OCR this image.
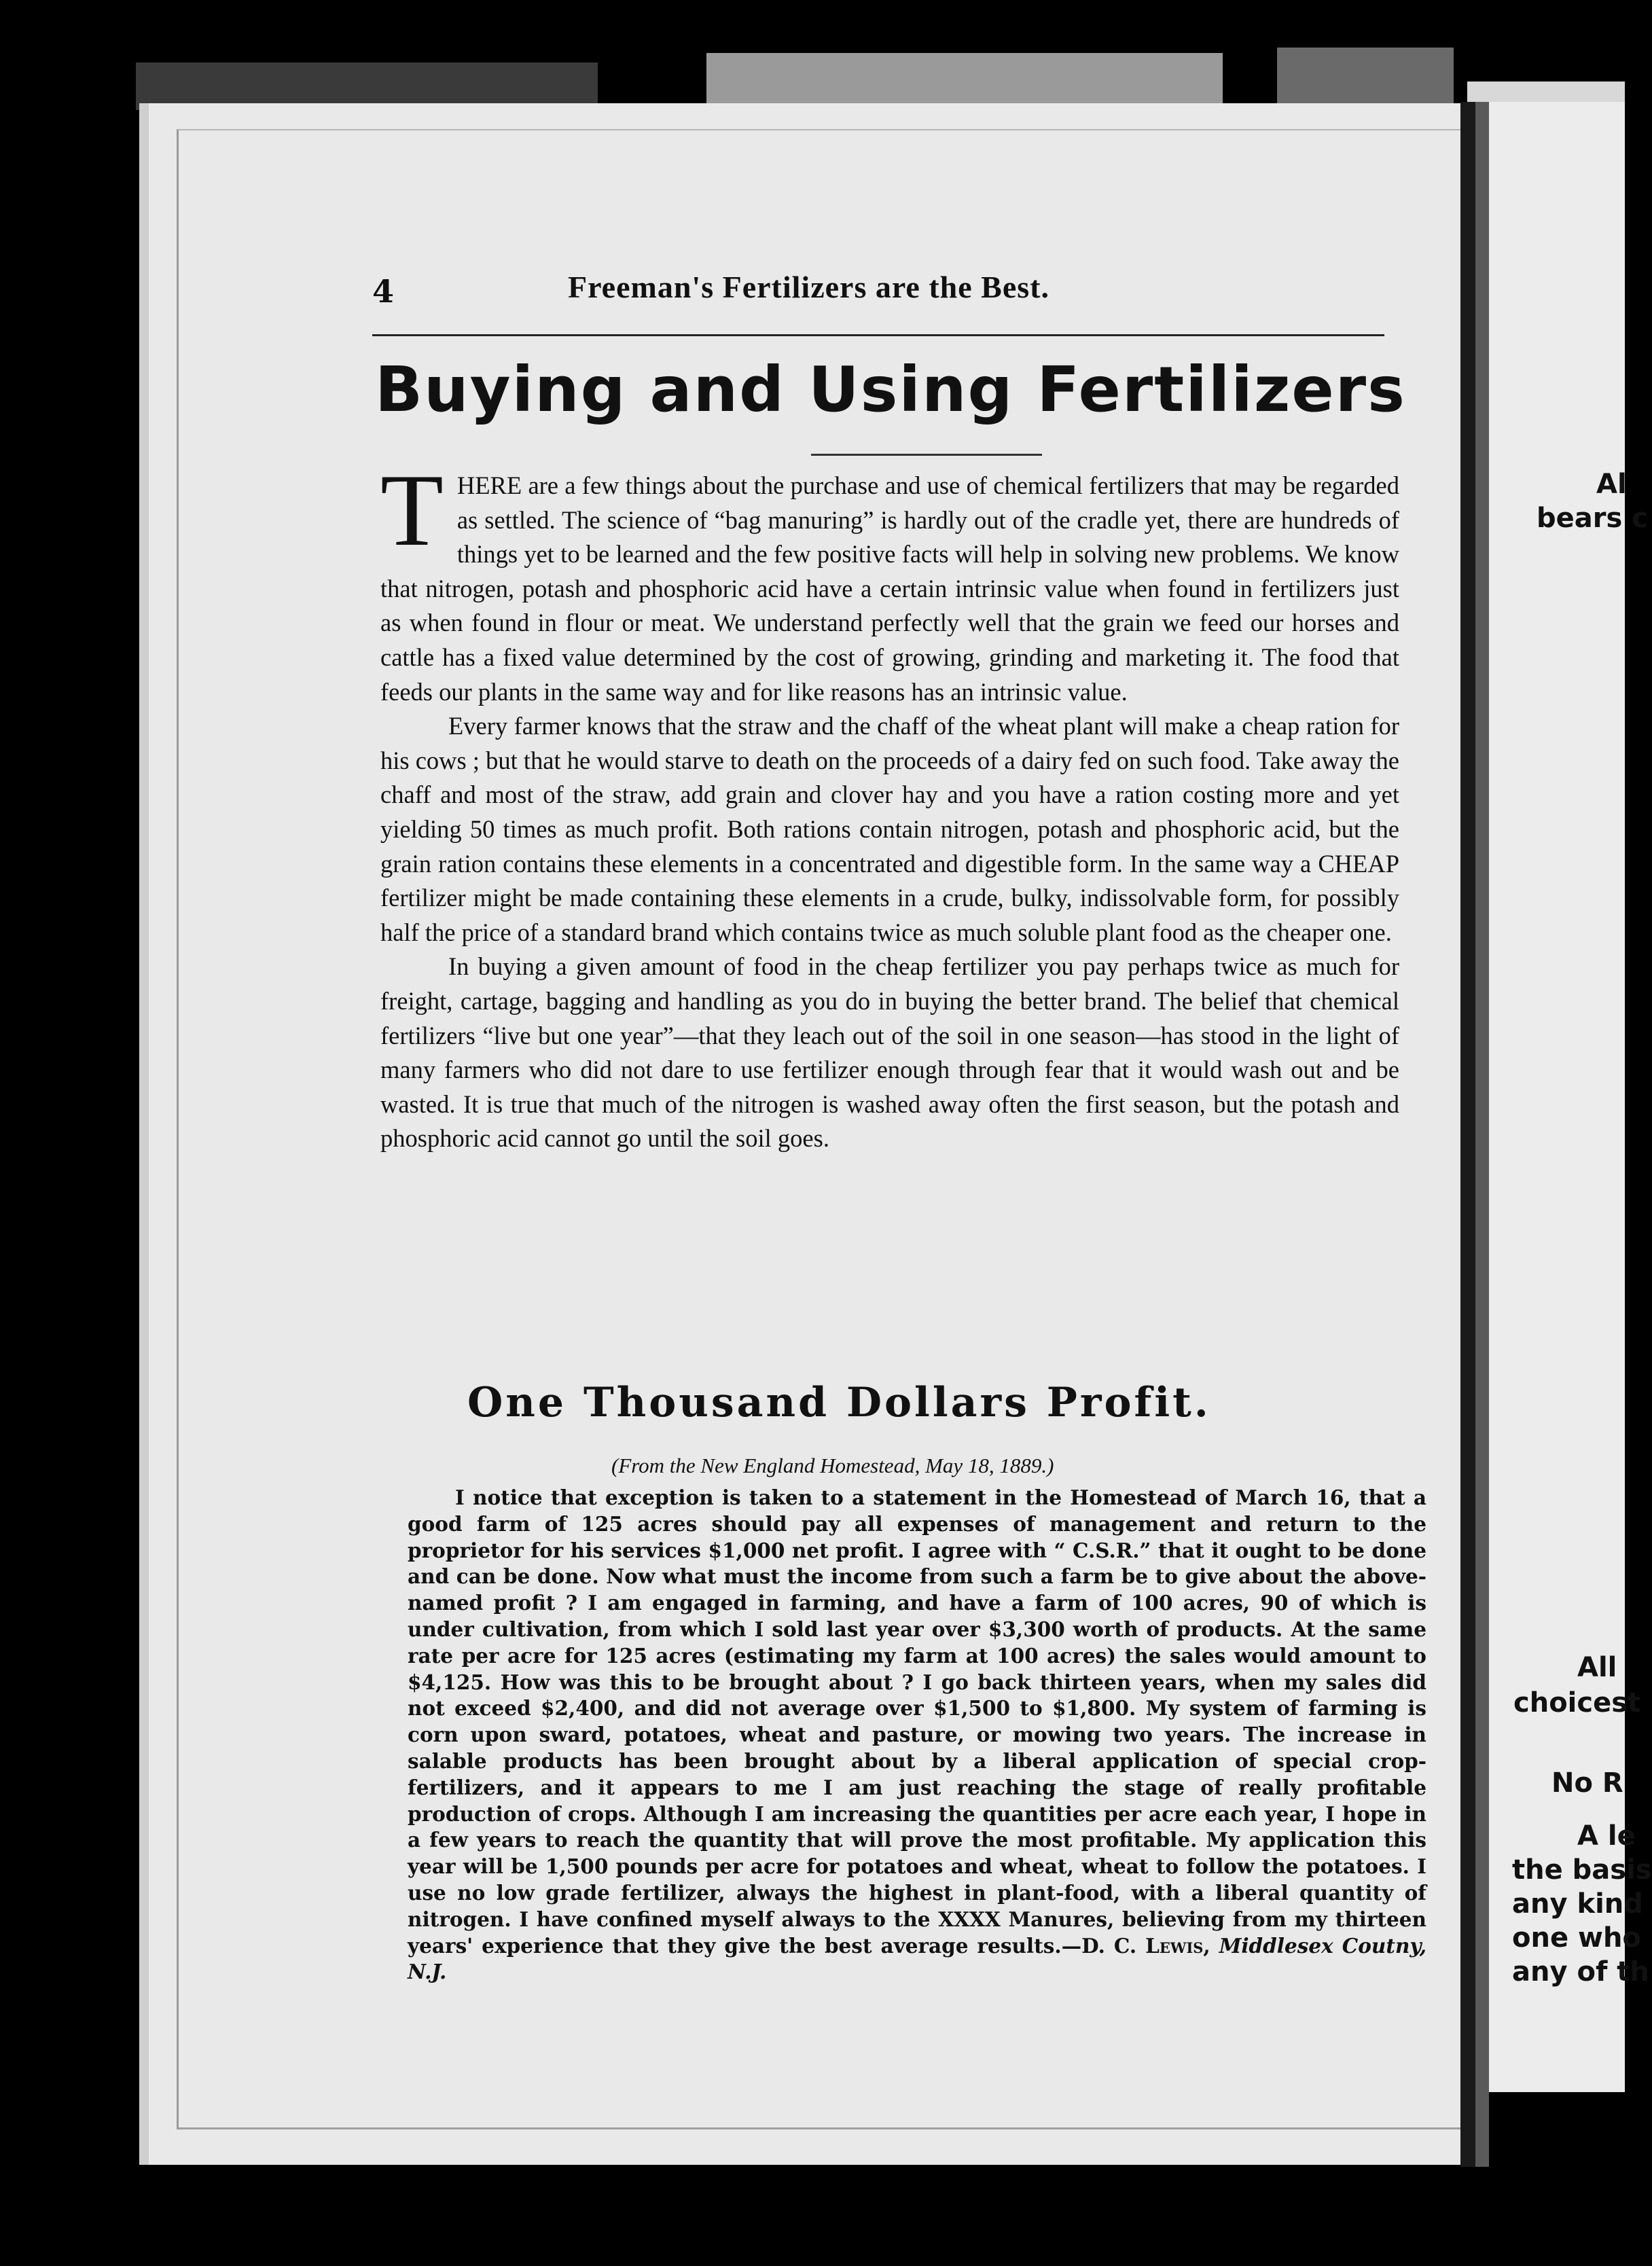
4	Freeman's Fertilizers are the Best.
Buying and Using Fertilizers

THERE are a few things about the purchase and use of chemical fertilizers that may be regarded as settled. The science of “bag manuring” is hardly out of the cradle yet, there are hundreds of things yet to be learned and the few positive facts will help in solving new problems. We know that nitrogen, potash and phosphoric acid have a certain intrinsic value when found in fertilizers just as when found in flour or meat. We understand perfectly well that the grain we feed our horses and cattle has a fixed value determined by the cost of growing, grinding and marketing it. The food that feeds our plants in the same way and for like reasons has an intrinsic value.

Every farmer knows that the straw and the chaff of the wheat plant will make a cheap ration for his cows ; but that he would starve to death on the proceeds of a dairy fed on such food. Take away the chaff and most of the straw, add grain and clover hay and you have a ration costing more and yet yielding 50 times as much profit. Both rations contain nitrogen, potash and phosphoric acid, but the grain ration contains these elements in a concentrated and digestible form. In the same way a CHEAP fertilizer might be made containing these elements in a crude, bulky, indissolvable form, for possibly half the price of a standard brand which contains twice as much soluble plant food as the cheaper one.

In buying a given amount of food in the cheap fertilizer you pay perhaps twice as much for freight, cartage, bagging and handling as you do in buying the better brand. The belief that chemical fertilizers “live but one year”—that they leach out of the soil in one season—has stood in the light of many farmers who did not dare to use fertilizer enough through fear that it would wash out and be wasted. It is true that much of the nitrogen is washed away often the first season, but the potash and phosphoric acid cannot go until the soil goes.

One Thousand Dollars Profit.
(From the New England Homestead, May 18, 1889.)

I notice that exception is taken to a statement in the Homestead of March 16, that a good farm of 125 acres should pay all expenses of management and return to the proprietor for his services $1,000 net profit. I agree with “ C.S.R.” that it ought to be done and can be done. Now what must the income from such a farm be to give about the above-named profit ? I am engaged in farming, and have a farm of 100 acres, 90 of which is under cultivation, from which I sold last year over $3,300 worth of products. At the same rate per acre for 125 acres (estimating my farm at 100 acres) the sales would amount to $4,125. How was this to be brought about ? I go back thirteen years, when my sales did not exceed $2,400, and did not average over $1,500 to $1,800. My system of farming is corn upon sward, potatoes, wheat and pasture, or mowing two years. The increase in salable products has been brought about by a liberal application of special crop-fertilizers, and it appears to me I am just reaching the stage of really profitable production of crops. Although I am increasing the quantities per acre each year, I hope in a few years to reach the quantity that will prove the most profitable. My application this year will be 1,500 pounds per acre for potatoes and wheat, wheat to follow the potatoes. I use no low grade fertilizer, always the highest in plant-food, with a liberal quantity of nitrogen. I have confined myself always to the XXXX Manures, believing from my thirteen years' experience that they give the best average results.—D. C. Lewis, Middlesex Coutny, N.J.

Al
bears c
All
choicest
No R
A le
the basis
any kind
one who
any of th
